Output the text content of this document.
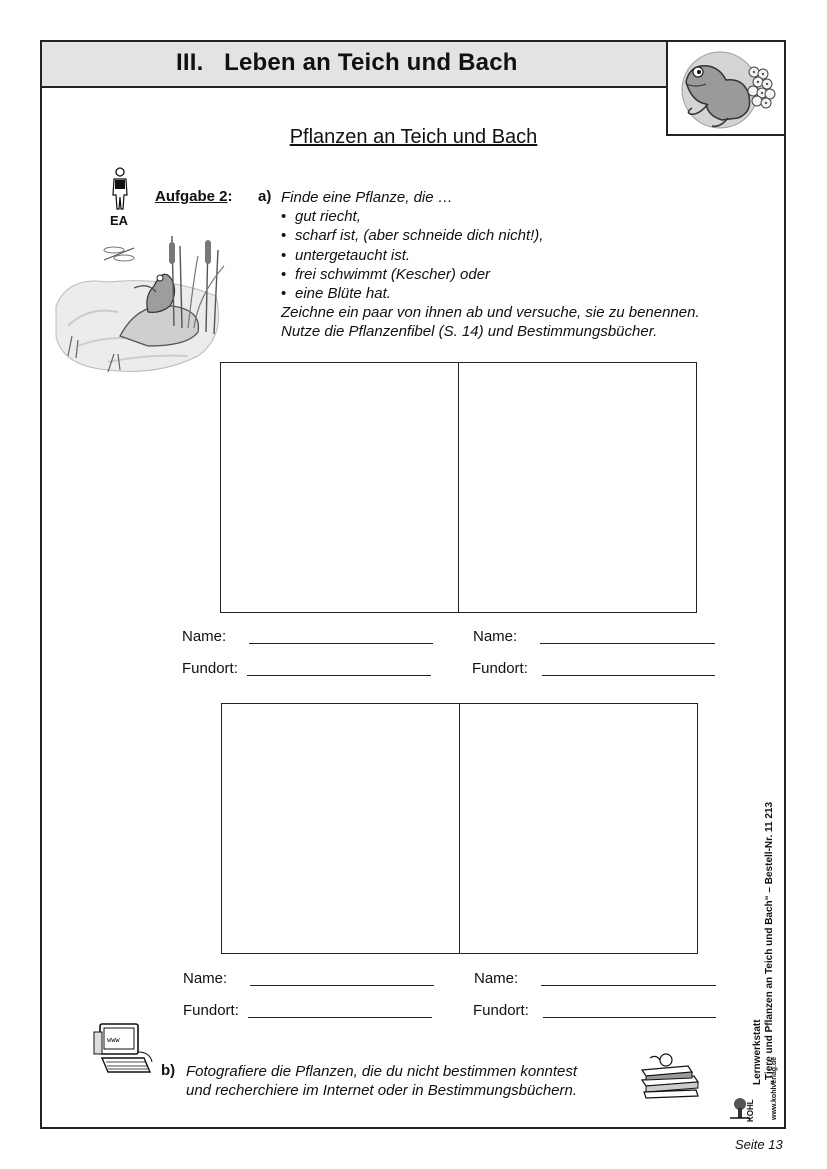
III. Leben an Teich und Bach
Pflanzen an Teich und Bach
EA
Aufgabe 2: a) Finde eine Pflanze, die …
• gut riecht,
• scharf ist, (aber schneide dich nicht!),
• untergetaucht ist.
• frei schwimmt (Kescher) oder
• eine Blüte hat.
Zeichne ein paar von ihnen ab und versuche, sie zu benennen.
Nutze die Pflanzenfibel (S. 14) und Bestimmungsbücher.
Name:	Name:
Fundort:	Fundort:
Name:	Name:
Fundort:	Fundort:
www
b) Fotografiere die Pflanzen, die du nicht bestimmen konntest
und recherchiere im Internet oder in Bestimmungsbüchern.
Lernwerkstatt „Tiere und Pflanzen an Teich und Bach“ – Bestell-Nr. 11 213
KOHL www.kohlverlag.de
Seite 13
